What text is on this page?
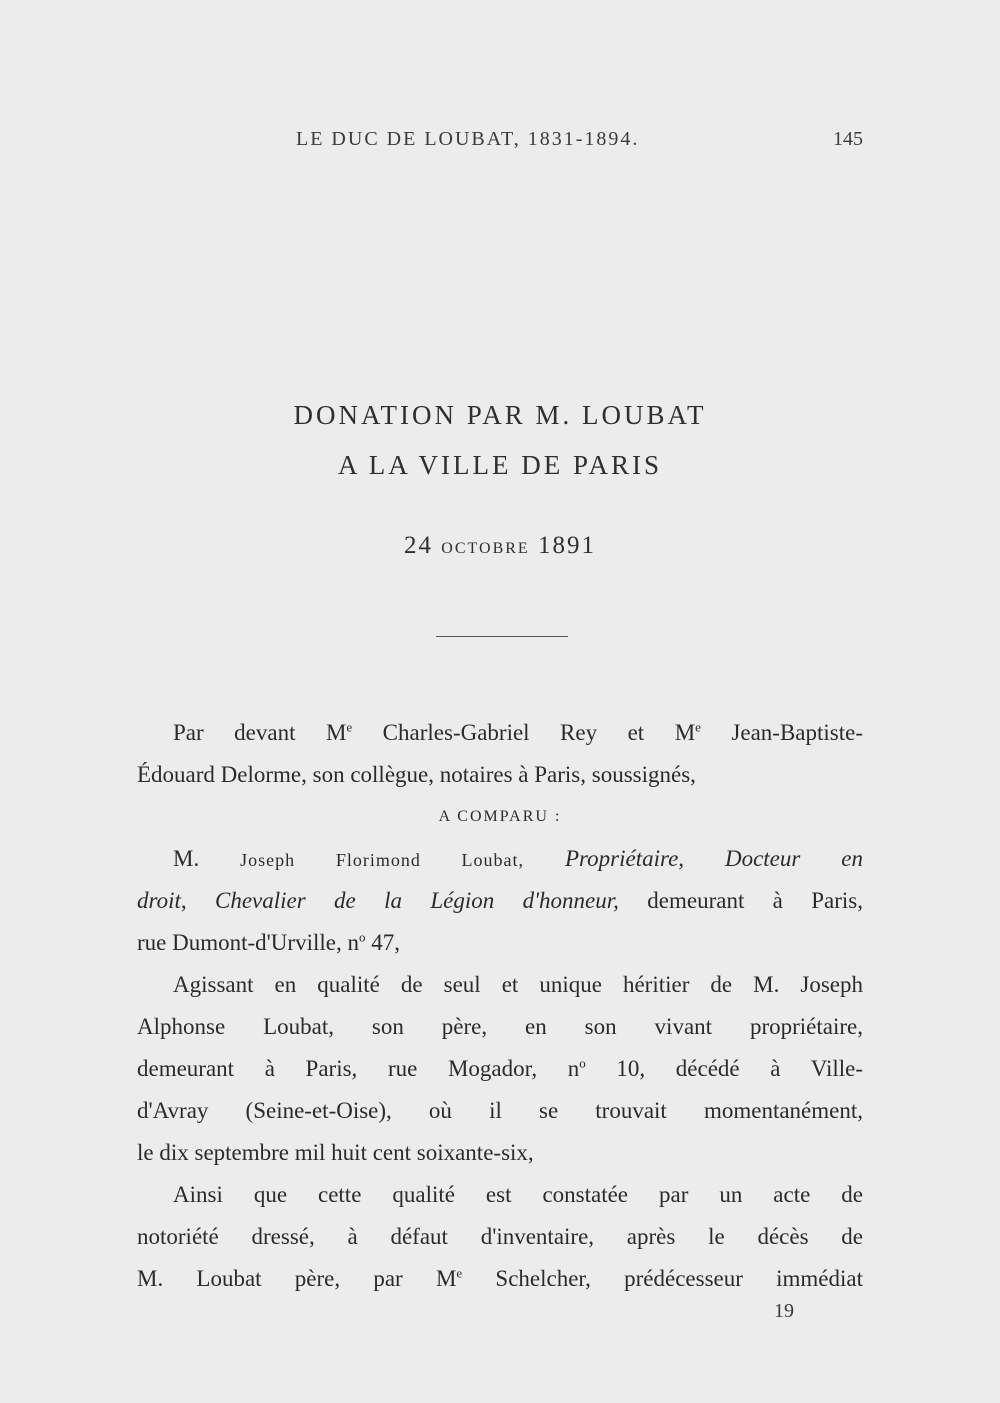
LE DUC DE LOUBAT, 1831-1894.	145
DONATION PAR M. LOUBAT
A LA VILLE DE PARIS
24 OCTOBRE 1891
Par devant Me Charles-Gabriel Rey et Me Jean-Baptiste-
Édouard Delorme, son collègue, notaires à Paris, soussignés,
A COMPARU :
M. Joseph Florimond Loubat, Propriétaire, Docteur en
droit, Chevalier de la Légion d'honneur, demeurant à Paris,
rue Dumont-d'Urville, $n^o$ 47,
Agissant en qualité de seul et unique héritier de M. Joseph
Alphonse Loubat, son père, en son vivant propriétaire,
demeurant à Paris, rue Mogador, $n^o$ 10, décédé à Ville-
d'Avray (Seine-et-Oise), où il se trouvait momentanément,
le dix septembre mil huit cent soixante-six,
Ainsi que cette qualité est constatée par un acte de
notoriété dressé, à défaut d'inventaire, après le décès de
M. Loubat père, par Me Schelcher, prédécesseur immédiat
19
